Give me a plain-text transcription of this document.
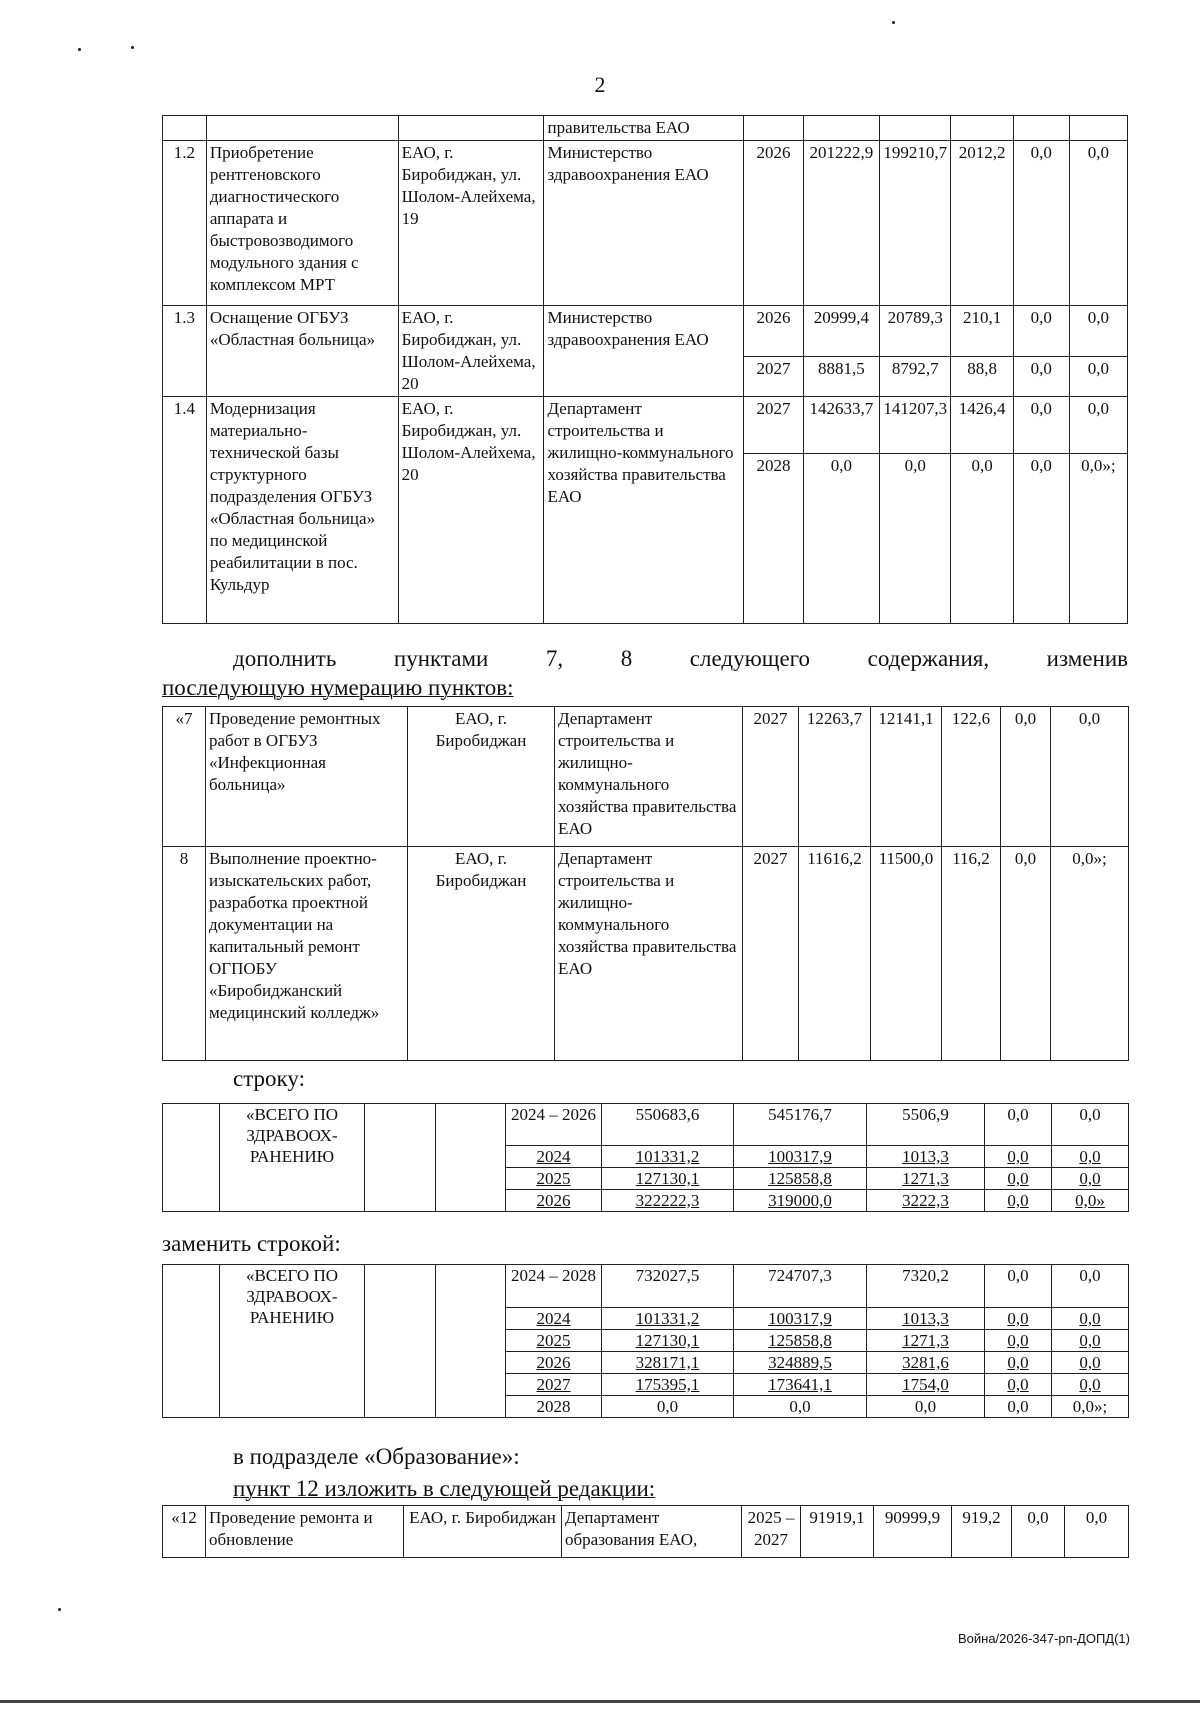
2
			правительства ЕАО						
1.2	Приобретение рентгеновского диагностического аппарата и быстровозводимого модульного здания с комплексом МРТ	ЕАО, г. Биробиджан, ул. Шолом-Алейхема, 19	Министерство здравоохранения ЕАО	2026	201222,9	199210,7	2012,2	0,0	0,0
1.3	Оснащение ОГБУЗ «Областная больница»	ЕАО, г. Биробиджан, ул. Шолом-Алейхема, 20	Министерство здравоохранения ЕАО	2026	20999,4	20789,3	210,1	0,0	0,0
				2027	8881,5	8792,7	88,8	0,0	0,0
1.4	Модернизация материально-технической базы структурного подразделения ОГБУЗ «Областная больница» по медицинской реабилитации в пос. Кульдур	ЕАО, г. Биробиджан, ул. Шолом-Алейхема, 20	Департамент строительства и жилищно-коммунального хозяйства правительства ЕАО	2027	142633,7	141207,3	1426,4	0,0	0,0
				2028	0,0	0,0	0,0	0,0	0,0»;
дополнить пунктами 7, 8 следующего содержания, изменив
последующую нумерацию пунктов:
«7	Проведение ремонтных работ в ОГБУЗ «Инфекционная больница»	ЕАО, г. Биробиджан	Департамент строительства и жилищно-коммунального хозяйства правительства ЕАО	2027	12263,7	12141,1	122,6	0,0	0,0
8	Выполнение проектно-изыскательских работ, разработка проектной документации на капитальный ремонт ОГПОБУ «Биробиджанский медицинский колледж»	ЕАО, г. Биробиджан	Департамент строительства и жилищно-коммунального хозяйства правительства ЕАО	2027	11616,2	11500,0	116,2	0,0	0,0»;
строку:
	«ВСЕГО ПО ЗДРАВООХ-РАНЕНИЮ			2024 – 2026	550683,6	545176,7	5506,9	0,0	0,0
				2024	101331,2	100317,9	1013,3	0,0	0,0
				2025	127130,1	125858,8	1271,3	0,0	0,0
				2026	322222,3	319000,0	3222,3	0,0	0,0»
заменить строкой:
	«ВСЕГО ПО ЗДРАВООХ-РАНЕНИЮ			2024 – 2028	732027,5	724707,3	7320,2	0,0	0,0
				2024	101331,2	100317,9	1013,3	0,0	0,0
				2025	127130,1	125858,8	1271,3	0,0	0,0
				2026	328171,1	324889,5	3281,6	0,0	0,0
				2027	175395,1	173641,1	1754,0	0,0	0,0
				2028	0,0	0,0	0,0	0,0	0,0»;
в подразделе «Образование»:
пункт 12 изложить в следующей редакции:
«12	Проведение ремонта и обновление	ЕАО, г. Биробиджан	Департамент образования ЕАО,	2025 – 2027	91919,1	90999,9	919,2	0,0	0,0
Война/2026-347-рп-ДОПД(1)
